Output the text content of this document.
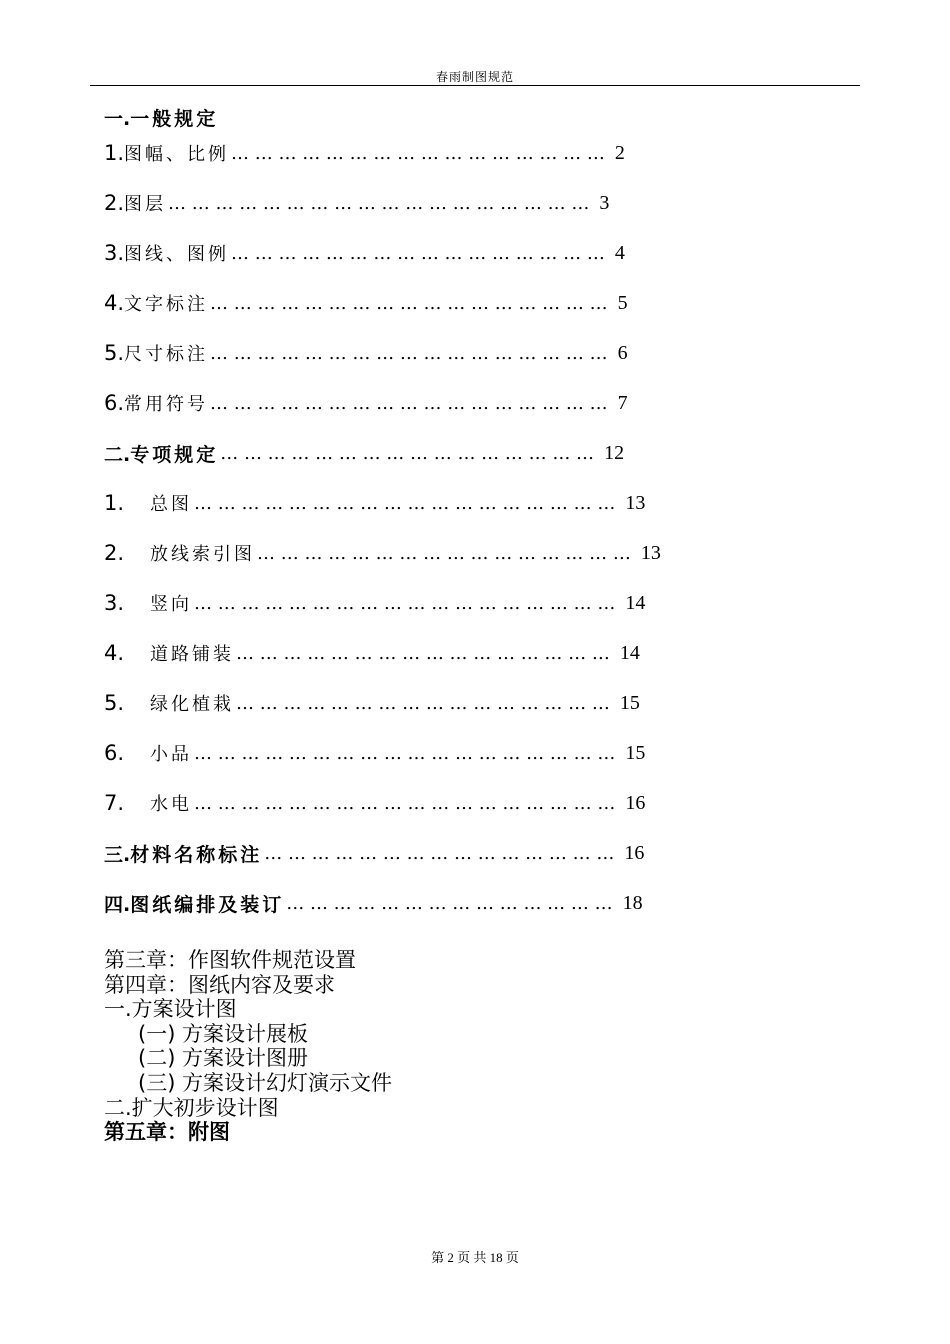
春雨制图规范
一. 一般规定
1. 图幅、比例 … … … … … … … … … … … … … … … … 2
2. 图层 … … … … … … … … … … … … … … … … … … 3
3. 图线、图例 … … … … … … … … … … … … … … … … 4
4. 文字标注 … … … … … … … … … … … … … … … … … 5
5. 尺寸标注 … … … … … … … … … … … … … … … … … 6
6. 常用符号 … … … … … … … … … … … … … … … … … 7
二. 专项规定 … … … … … … … … … … … … … … … … 12
1. 总图 … … … … … … … … … … … … … … … … … … 13
2. 放线索引图 … … … … … … … … … … … … … … … … 13
3. 竖向 … … … … … … … … … … … … … … … … … … 14
4. 道路铺装 … … … … … … … … … … … … … … … … 14
5. 绿化植栽 … … … … … … … … … … … … … … … … 15
6. 小品 … … … … … … … … … … … … … … … … … … 15
7. 水电 … … … … … … … … … … … … … … … … … … 16
三. 材料名称标注 … … … … … … … … … … … … … … … 16
四. 图纸编排及装订 … … … … … … … … … … … … … … 18
第三章：作图软件规范设置
第四章：图纸内容及要求
一.方案设计图
(一) 方案设计展板
(二) 方案设计图册
(三) 方案设计幻灯演示文件
二.扩大初步设计图
第五章：附图
第 2 页 共 18 页
